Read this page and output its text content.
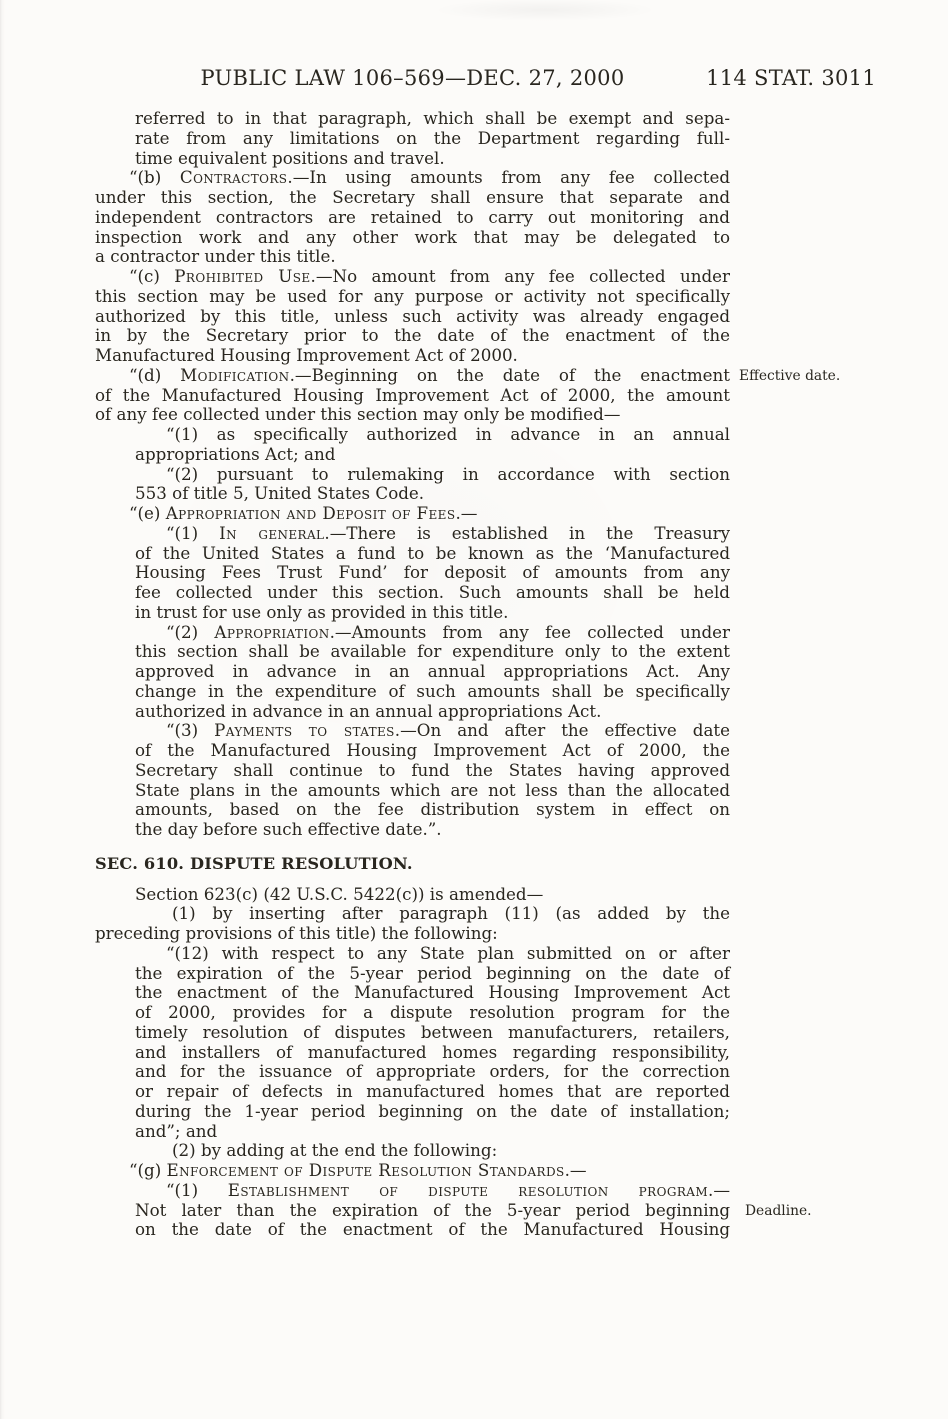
PUBLIC LAW 106–569—DEC. 27, 2000	114 STAT. 3011
referred to in that paragraph, which shall be exempt and sepa-
rate from any limitations on the Department regarding full-
time equivalent positions and travel.
“(b) Contractors.—In using amounts from any fee collected
under this section, the Secretary shall ensure that separate and
independent contractors are retained to carry out monitoring and
inspection work and any other work that may be delegated to
a contractor under this title.
“(c) Prohibited Use.—No amount from any fee collected under
this section may be used for any purpose or activity not specifically
authorized by this title, unless such activity was already engaged
in by the Secretary prior to the date of the enactment of the
Manufactured Housing Improvement Act of 2000.
“(d) Modification.—Beginning on the date of the enactment Effective date.
of the Manufactured Housing Improvement Act of 2000, the amount
of any fee collected under this section may only be modified—
“(1) as specifically authorized in advance in an annual
appropriations Act; and
“(2) pursuant to rulemaking in accordance with section
553 of title 5, United States Code.
“(e) Appropriation and Deposit of Fees.—
“(1) In general.—There is established in the Treasury
of the United States a fund to be known as the ‘Manufactured
Housing Fees Trust Fund’ for deposit of amounts from any
fee collected under this section. Such amounts shall be held
in trust for use only as provided in this title.
“(2) Appropriation.—Amounts from any fee collected under
this section shall be available for expenditure only to the extent
approved in advance in an annual appropriations Act. Any
change in the expenditure of such amounts shall be specifically
authorized in advance in an annual appropriations Act.
“(3) Payments to states.—On and after the effective date
of the Manufactured Housing Improvement Act of 2000, the
Secretary shall continue to fund the States having approved
State plans in the amounts which are not less than the allocated
amounts, based on the fee distribution system in effect on
the day before such effective date.”.
SEC. 610. DISPUTE RESOLUTION.
Section 623(c) (42 U.S.C. 5422(c)) is amended—
(1) by inserting after paragraph (11) (as added by the
preceding provisions of this title) the following:
“(12) with respect to any State plan submitted on or after
the expiration of the 5-year period beginning on the date of
the enactment of the Manufactured Housing Improvement Act
of 2000, provides for a dispute resolution program for the
timely resolution of disputes between manufacturers, retailers,
and installers of manufactured homes regarding responsibility,
and for the issuance of appropriate orders, for the correction
or repair of defects in manufactured homes that are reported
during the 1-year period beginning on the date of installation;
and”; and
(2) by adding at the end the following:
“(g) Enforcement of Dispute Resolution Standards.—
“(1) Establishment of dispute resolution program.—
Not later than the expiration of the 5-year period beginning Deadline.
on the date of the enactment of the Manufactured Housing
